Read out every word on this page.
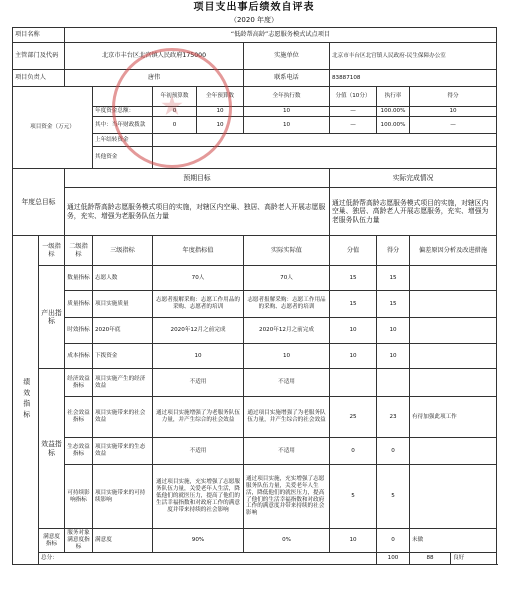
项目支出事后绩效自评表
（2020 年度）
项目名称		“低龄帮高龄”志愿服务模式试点项目								
主管部门及代码		北京市丰台区北宫镇人民政府175000				实施单位	北京市丰台区北宫镇人民政府-民生保障办公室			
项目负责人		唐伟				联系电话	83887108			
项目资金（万元）				年初预算数	全年预算数	全年执行数	分值（10分）	执行率	得分	
			年度资金总额：	0	10	10	—	100.00%	10	
			其中：当年财政拨款	0	10	10	—	100.00%	—	
			上年结转资金							
			其他资金							
年度总目标		预期目标					实际完成情况			
		通过低龄帮高龄志愿服务模式项目的实施，对辖区内空巢、独居、高龄老人开展志愿服务，充实、增强为老服务队伍力量					通过低龄帮高龄志愿服务模式项目的实施，对辖区内空巢、独居、高龄老人开展志愿服务，充实、增强为老服务队伍力量			
绩效指标	一级指标	二级指标	三级指标	年度指标值		实际实际值	分值	得分	偏差原因分析及改进措施	
	产出指标	数量指标	志愿人数	70人		70人	15	15		
		质量指标	项目实施质量	志愿者报解采购：志愿工作用品的采购、志愿者的培训		志愿者报解采购：志愿工作用品的采购、志愿者的培训	15	15		
		时效指标	2020年底	2020年12月之前完成		2020年12月之前完成	10	10		
		成本指标	下拨资金	10		10	10	10		
	效益指标	经济效益指标	项目实施产生的经济效益	不适用		不适用				
		社会效益指标	项目实施带来的社会效益	通过项目实施增强了为老服务队伍力量，并产生综合的社会效益		通过项目实施增强了为老服务队伍力量，并产生综合的社会效益	25	23	有待加强此项工作	
		生态效益指标	项目实施带来的生态效益	不适用		不适用	0	0		
		可持续影响指标	项目实施带来的可持续影响	通过项目实施，充实增强了志愿服务队伍力量，关爱老年人生活，降低他们的就医压力，提高了他们的生活幸福指数和对政府工作的满意度并带来持续的社会影响		通过项目实施，充实增强了志愿服务队伍力量，关爱老年人生活，降低他们的就医压力，提高了他们的生活幸福指数和对政府工作的满意度并带来持续的社会影响	5	5		
	满意度指标	服务对象满意度指标	满意度	90%		0%	10	0	未做	
	总分：							100	88	良好
